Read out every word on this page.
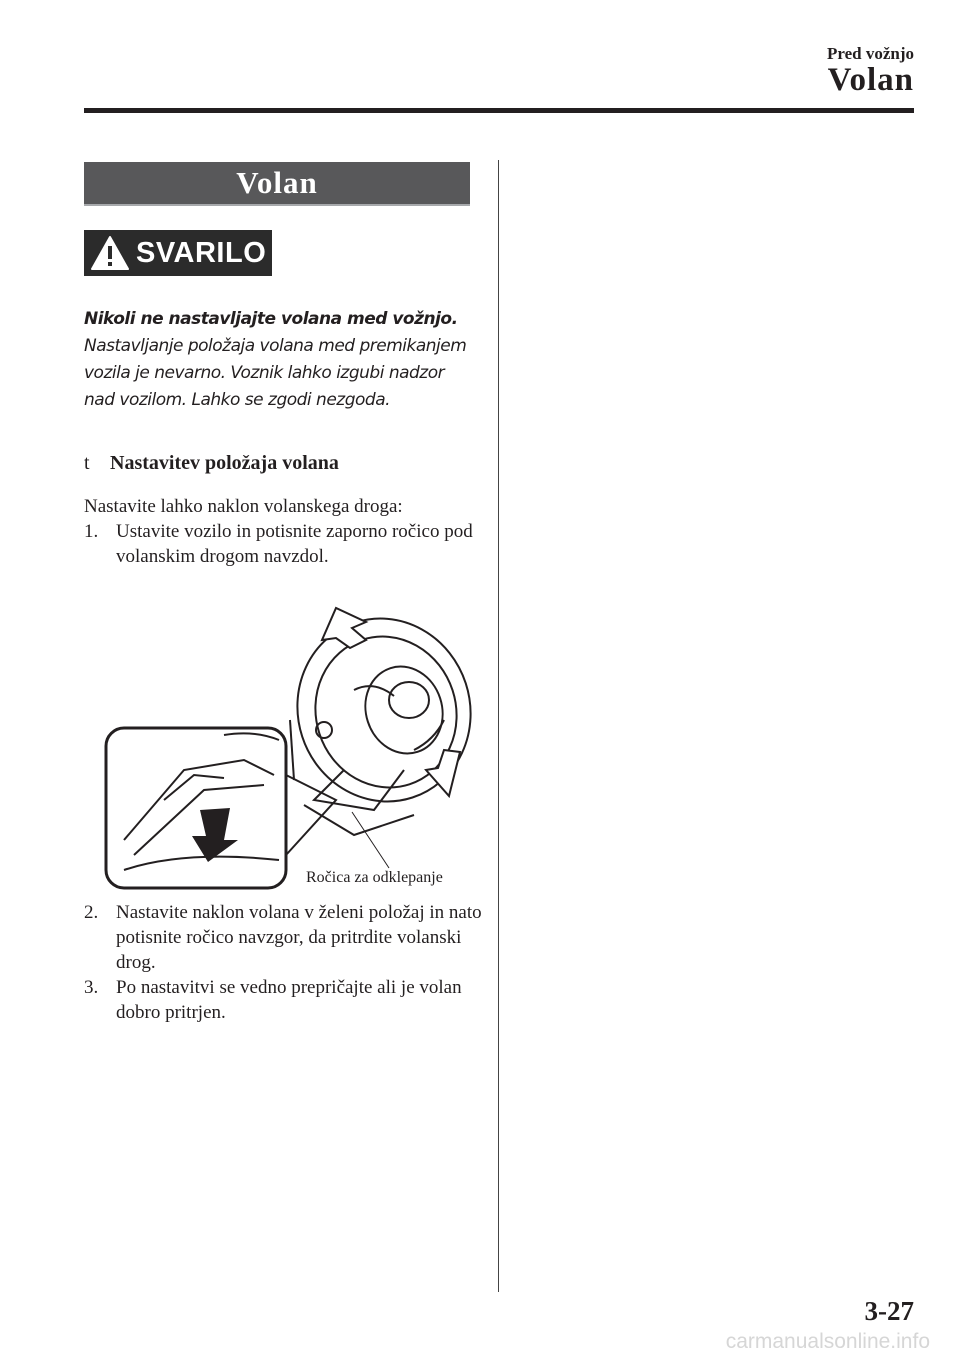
Pred vožnjo
Volan
Volan
SVARILO
Nikoli ne nastavljajte volana med vožnjo.
Nastavljanje položaja volana med premikanjem vozila je nevarno. Voznik lahko izgubi nadzor nad vozilom. Lahko se zgodi nezgoda.
t Nastavitev položaja volana
Nastavite lahko naklon volanskega droga:
1. Ustavite vozilo in potisnite zaporno ročico pod volanskim drogom navzdol.
Ročica za odklepanje
2. Nastavite naklon volana v želeni položaj in nato potisnite ročico navzgor, da pritrdite volanski drog.
3. Po nastavitvi se vedno prepričajte ali je volan dobro pritrjen.
3-27
carmanualsonline.info
